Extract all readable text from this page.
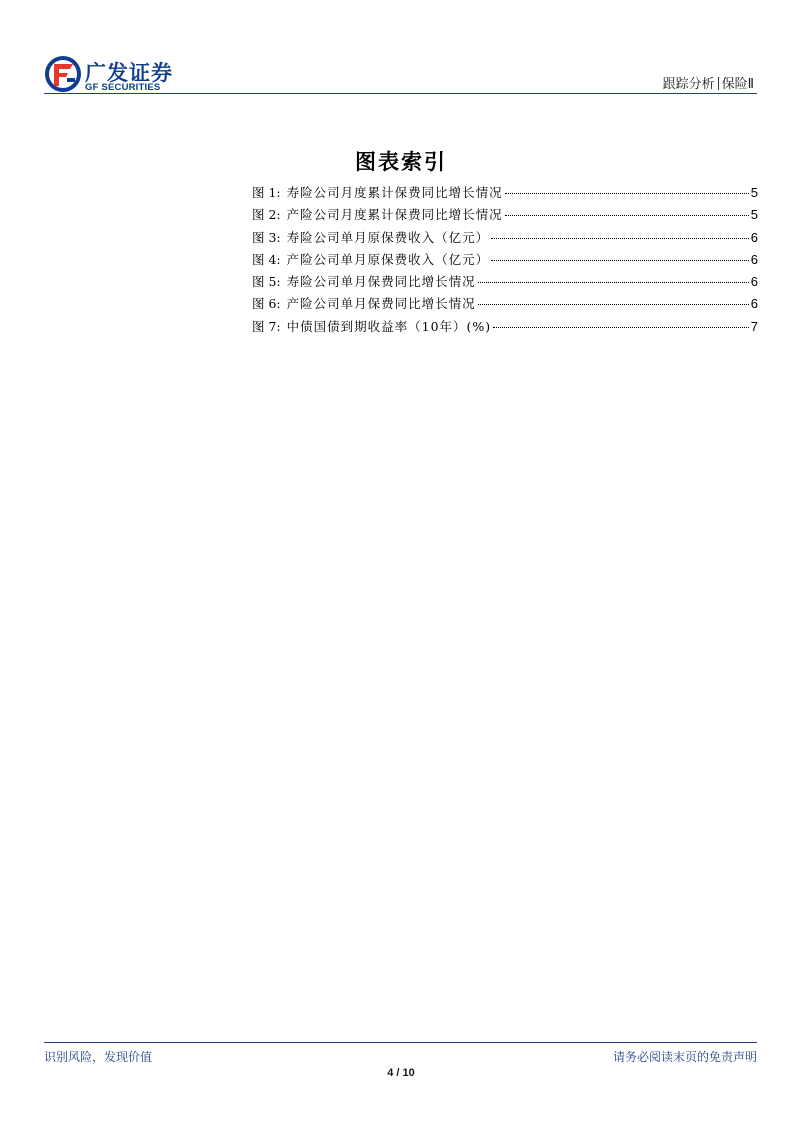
广发证券
GF SECURITIES	跟踪分析 保险Ⅱ
图表索引
图 1: 寿险公司月度累计保费同比增长情况	5
图 2: 产险公司月度累计保费同比增长情况	5
图 3: 寿险公司单月原保费收入（亿元）	6
图 4: 产险公司单月原保费收入（亿元）	6
图 5: 寿险公司单月保费同比增长情况	6
图 6: 产险公司单月保费同比增长情况	6
图 7: 中债国债到期收益率（10年）(%)	7
识别风险，发现价值	请务必阅读末页的免责声明
4 / 10
